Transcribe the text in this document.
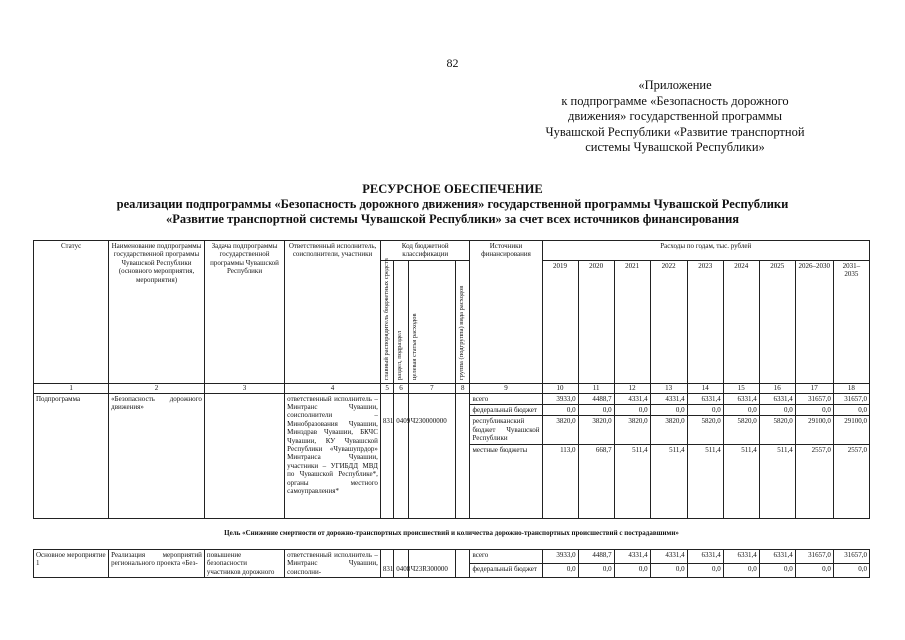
82
«Приложение
к подпрограмме «Безопасность дорожного
движения» государственной программы
Чувашской Республики «Развитие транспортной
системы Чувашской Республики»
РЕСУРСНОЕ ОБЕСПЕЧЕНИЕ
реализации подпрограммы «Безопасность дорожного движения» государственной программы Чувашской Республики
«Развитие транспортной системы Чувашской Республики» за счет всех источников финансирования
Статус	Наименование подпрограммы государственной программы Чувашской Республики (основного мероприятия, мероприятия)	Задача подпрограммы государственной программы Чувашской Республики	Ответственный исполнитель, соисполнители, участники	Код бюджетной классификации				Источники финансирования	Расходы по годам, тыс. рублей								
				главный распорядитель бюджетных средств	раздел, подраздел	целевая статья расходов	группа (подгруппа) вида расходов		2019	2020	2021	2022	2023	2024	2025	2026–2030	2031–2035

1	2	3	4	5	6	7	8	9	10	11	12	13	14	15	16	17	18
Подпрограмма	«Безопасность дорожного движения»		ответственный исполнитель – Минтранс Чувашии, соисполнители – Минобразования Чувашии, Минздрав Чувашии, БКЧС Чувашии, КУ Чувашской Республики «Чувашупрдор» Минтранса Чувашии, участники – УГИБДД МВД по Чувашской Республике*, органы местного самоуправления*					всего	3933,0	4488,7	4331,4	4331,4	6331,4	6331,4	6331,4	31657,0	31657,0
								федеральный бюджет	0,0	0,0	0,0	0,0	0,0	0,0	0,0	0,0	0,0
				831	0409	Ч230000000		республиканский бюджет Чувашской Республики	3820,0	3820,0	3820,0	3820,0	5820,0	5820,0	5820,0	29100,0	29100,0
								местные бюджеты	113,0	668,7	511,4	511,4	511,4	511,4	511,4	2557,0	2557,0
Цель «Снижение смертности от дорожно-транспортных происшествий и количества дорожно-транспортных происшествий с пострадавшими»																	
Основное мероприятие 1	Реализация мероприятий регионального проекта «Без-	повышение безопасности участников дорожного	ответственный исполнитель – Минтранс Чувашии, соисполни-					всего	3933,0	4488,7	4331,4	4331,4	6331,4	6331,4	6331,4	31657,0	31657,0
				831	0408	Ч23R300000		федеральный бюджет	0,0	0,0	0,0	0,0	0,0	0,0	0,0	0,0	0,0
